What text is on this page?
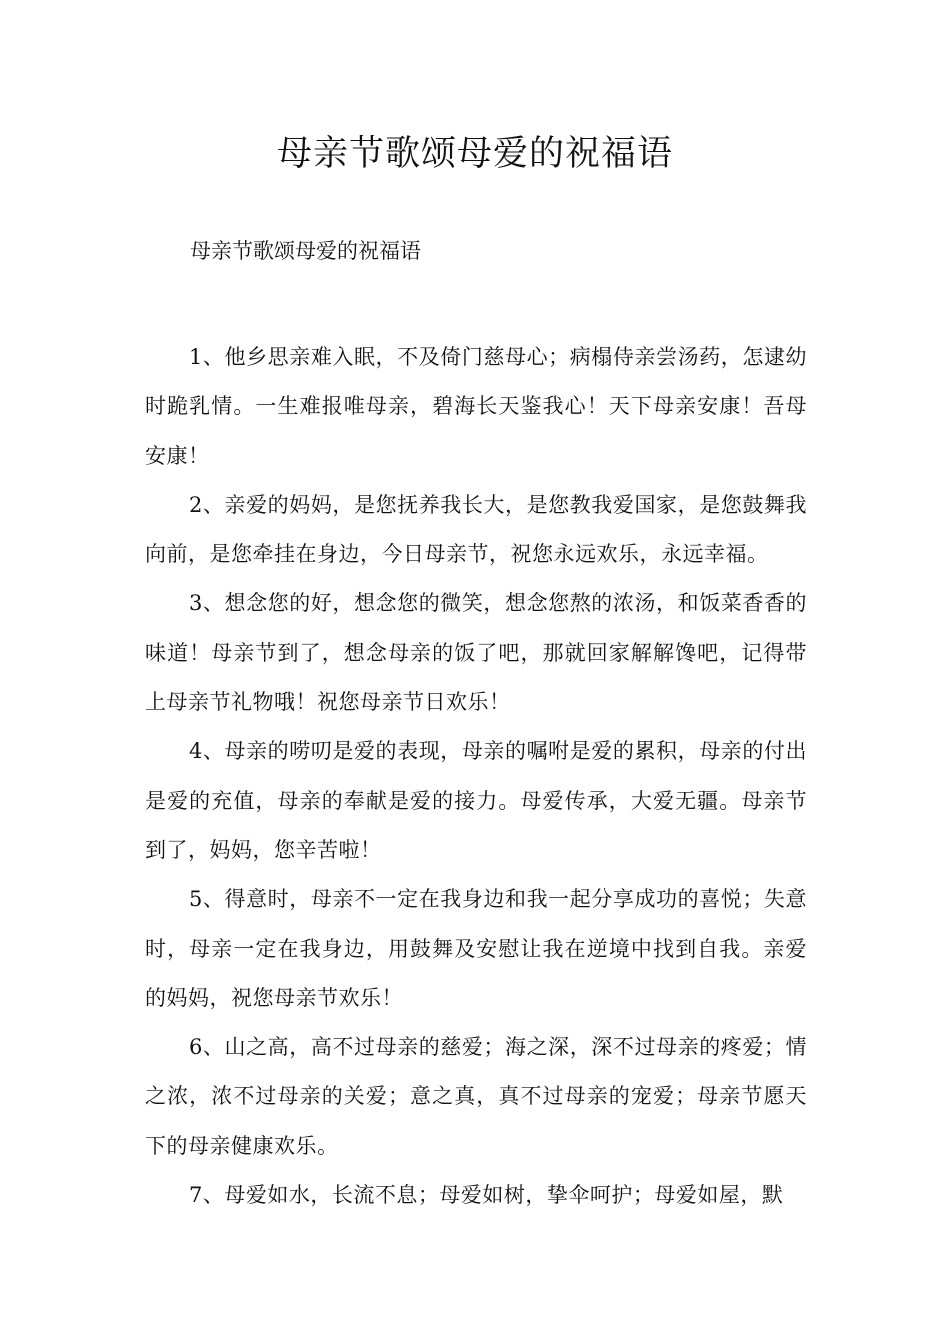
母亲节歌颂母爱的祝福语

母亲节歌颂母爱的祝福语

1、他乡思亲难入眠，不及倚门慈母心；病榻侍亲尝汤药，怎逮幼时跪乳情。一生难报唯母亲，碧海长天鉴我心！天下母亲安康！吾母安康！

2、亲爱的妈妈，是您抚养我长大，是您教我爱国家，是您鼓舞我向前，是您牵挂在身边，今日母亲节，祝您永远欢乐，永远幸福。

3、想念您的好，想念您的微笑，想念您熬的浓汤，和饭菜香香的味道！母亲节到了，想念母亲的饭了吧，那就回家解解馋吧，记得带上母亲节礼物哦！祝您母亲节日欢乐！

4、母亲的唠叨是爱的表现，母亲的嘱咐是爱的累积，母亲的付出是爱的充值，母亲的奉献是爱的接力。母爱传承，大爱无疆。母亲节到了，妈妈，您辛苦啦！

5、得意时，母亲不一定在我身边和我一起分享成功的喜悦；失意时，母亲一定在我身边，用鼓舞及安慰让我在逆境中找到自我。亲爱的妈妈，祝您母亲节欢乐！

6、山之高，高不过母亲的慈爱；海之深，深不过母亲的疼爱；情之浓，浓不过母亲的关爱；意之真，真不过母亲的宠爱；母亲节愿天下的母亲健康欢乐。

7、母爱如水，长流不息；母爱如树，挚伞呵护；母爱如屋，默
